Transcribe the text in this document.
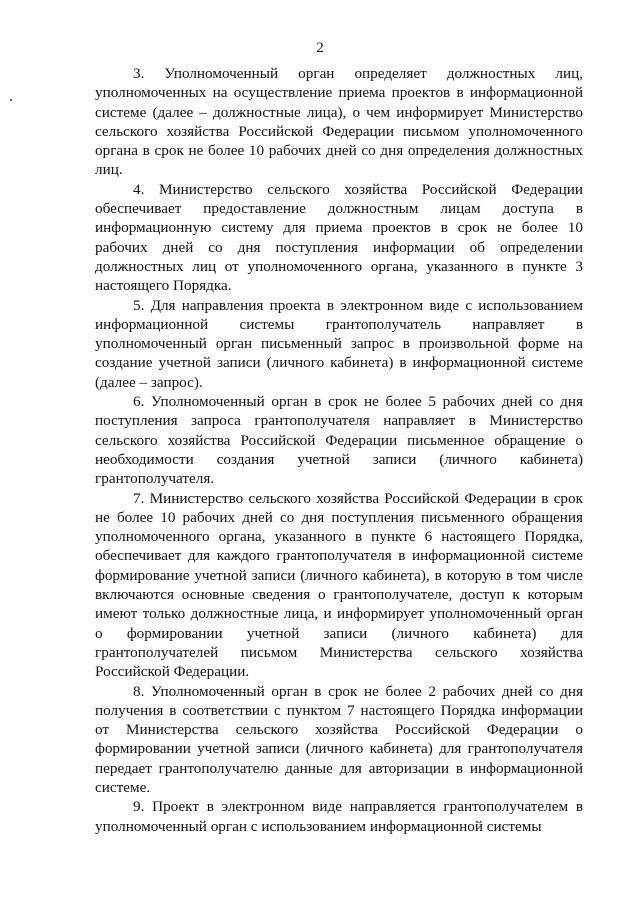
2

3. Уполномоченный орган определяет должностных лиц, уполномоченных на осуществление приема проектов в информационной системе (далее – должностные лица), о чем информирует Министерство сельского хозяйства Российской Федерации письмом уполномоченного органа в срок не более 10 рабочих дней со дня определения должностных лиц.

4. Министерство сельского хозяйства Российской Федерации обеспечивает предоставление должностным лицам доступа в информационную систему для приема проектов в срок не более 10 рабочих дней со дня поступления информации об определении должностных лиц от уполномоченного органа, указанного в пункте 3 настоящего Порядка.

5. Для направления проекта в электронном виде с использованием информационной системы грантополучатель направляет в уполномоченный орган письменный запрос в произвольной форме на создание учетной записи (личного кабинета) в информационной системе (далее – запрос).

6. Уполномоченный орган в срок не более 5 рабочих дней со дня поступления запроса грантополучателя направляет в Министерство сельского хозяйства Российской Федерации письменное обращение о необходимости создания учетной записи (личного кабинета) грантополучателя.

7. Министерство сельского хозяйства Российской Федерации в срок не более 10 рабочих дней со дня поступления письменного обращения уполномоченного органа, указанного в пункте 6 настоящего Порядка, обеспечивает для каждого грантополучателя в информационной системе формирование учетной записи (личного кабинета), в которую в том числе включаются основные сведения о грантополучателе, доступ к которым имеют только должностные лица, и информирует уполномоченный орган о формировании учетной записи (личного кабинета) для грантополучателей письмом Министерства сельского хозяйства Российской Федерации.

8. Уполномоченный орган в срок не более 2 рабочих дней со дня получения в соответствии с пунктом 7 настоящего Порядка информации от Министерства сельского хозяйства Российской Федерации о формировании учетной записи (личного кабинета) для грантополучателя передает грантополучателю данные для авторизации в информационной системе.

9. Проект в электронном виде направляется грантополучателем в уполномоченный орган с использованием информационной системы
